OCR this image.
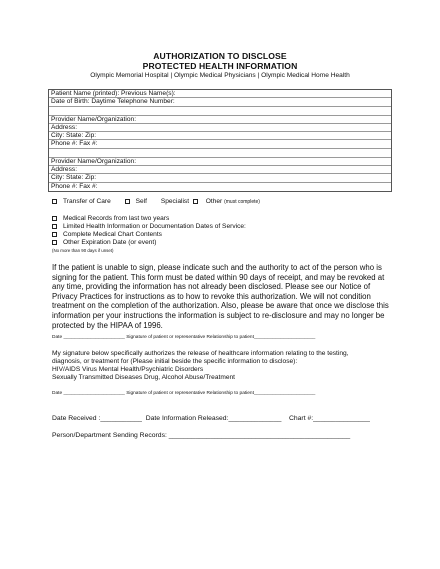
AUTHORIZATION TO DISCLOSE
PROTECTED HEALTH INFORMATION
Olympic Memorial Hospital | Olympic Medical Physicians | Olympic Medical Home Health
Patient Name (printed): Previous Name(s):
Date of Birth: Daytime Telephone Number:
Provider Name/Organization:
Address:
City: State: Zip:
Phone #: Fax #:
Provider Name/Organization:
Address:
City: State: Zip:
Phone #: Fax #:
Transfer of Care	Self Specialist	Other (must complete)
Medical Records from last two years
Limited Health Information or Documentation Dates of Service:
Complete Medical Chart Contents
Other Expiration Date (or event)
(No more than 90 days if unset)
If the patient is unable to sign, please indicate such and the authority to act of the person who is signing for the patient. This form must be dated within 90 days of receipt, and may be revoked at any time, providing the information has not already been disclosed. Please see our Notice of Privacy Practices for instructions as to how to revoke this authorization. We will not condition treatment on the completion of the authorization. Also, please be aware that once we disclose this information per your instructions the information is subject to re-disclosure and may no longer be protected by the HIPAA of 1996.
Date _______________________ Signature of patient or representative Relationship to patient_______________________
My signature below specifically authorizes the release of healthcare information relating to the testing,
diagnosis, or treatment for (Please initial beside the specific information to disclose):
HIV/AIDS Virus Mental Health/Psychiatric Disorders
Sexually Transmitted Diseases Drug, Alcohol Abuse/Treatment
Date _______________________ Signature of patient or representative Relationship to patient_______________________
Date Received :___________ Date Information Released:______________ Chart #:_______________
Person/Department Sending Records: ________________________________________________
